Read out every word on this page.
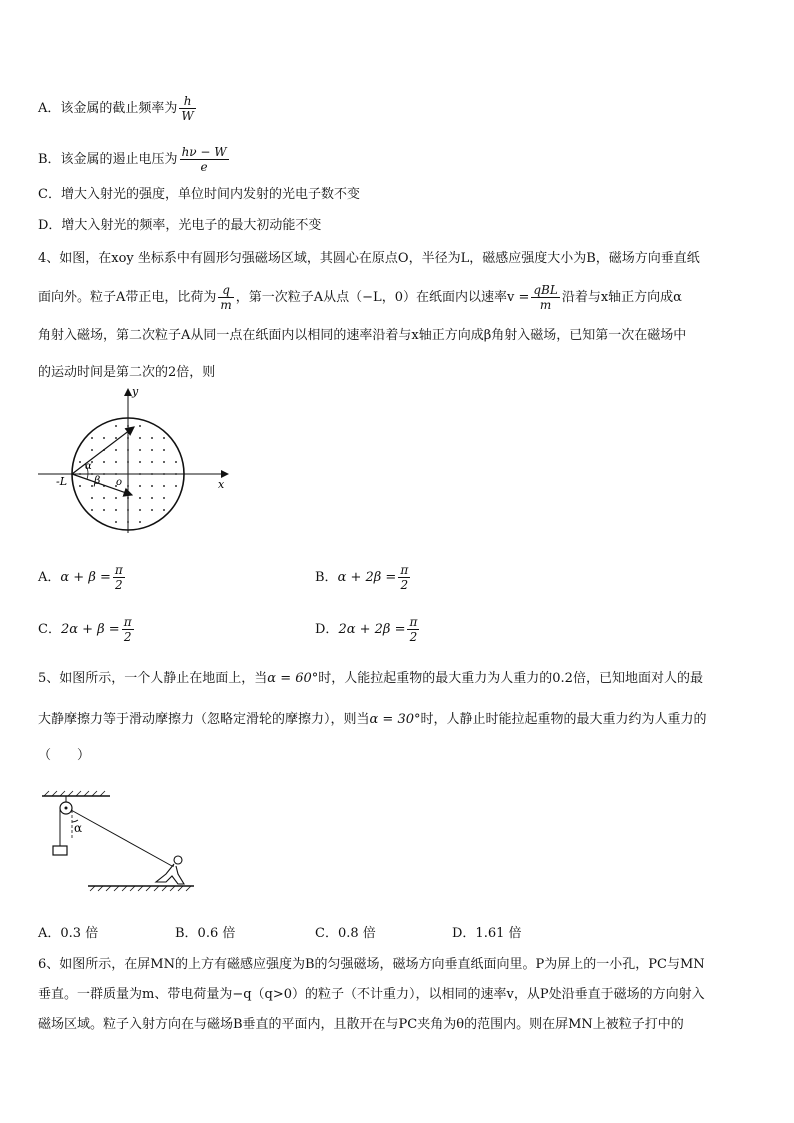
A．该金属的截止频率为 $\frac{h}{W}$
B．该金属的遏止电压为 $\frac{h\nu - W}{e}$
C．增大入射光的强度，单位时间内发射的光电子数不变
D．增大入射光的频率，光电子的最大初动能不变
4、如图，在xoy 坐标系中有圆形匀强磁场区域，其圆心在原点O，半径为L，磁感应强度大小为B，磁场方向垂直纸
面向外。粒子A带正电，比荷为 $\frac{q}{m}$ ，第一次粒子A从点（−L，0）在纸面内以速率$v = \frac{\text{qBL}}{m}$ 沿着与x轴正方向成α
角射入磁场，第二次粒子A从同一点在纸面内以相同的速率沿着与x轴正方向成β角射入磁场，已知第一次在磁场中
的运动时间是第二次的2倍，则
α
β
y
x
o
-L
A．$\alpha + \beta = \frac{\pi}{2}$	B．$\alpha + 2\beta = \frac{\pi}{2}$
C．$2\alpha + \beta = \frac{\pi}{2}$	D．$2\alpha + 2\beta = \frac{\pi}{2}$
5、如图所示，一个人静止在地面上，当α = 60°时，人能拉起重物的最大重力为人重力的0.2倍，已知地面对人的最
大静摩擦力等于滑动摩擦力（忽略定滑轮的摩擦力），则当α = 30°时，人静止时能拉起重物的最大重力约为人重力的
（　　）
α
A．0.3 倍	B．0.6 倍	C．0.8 倍	D．1.61 倍
6、如图所示，在屏MN的上方有磁感应强度为B的匀强磁场，磁场方向垂直纸面向里。P为屏上的一小孔，PC与MN
垂直。一群质量为m、带电荷量为−q（q>0）的粒子（不计重力），以相同的速率v，从P处沿垂直于磁场的方向射入
磁场区域。粒子入射方向在与磁场B垂直的平面内，且散开在与PC夹角为θ的范围内。则在屏MN上被粒子打中的
